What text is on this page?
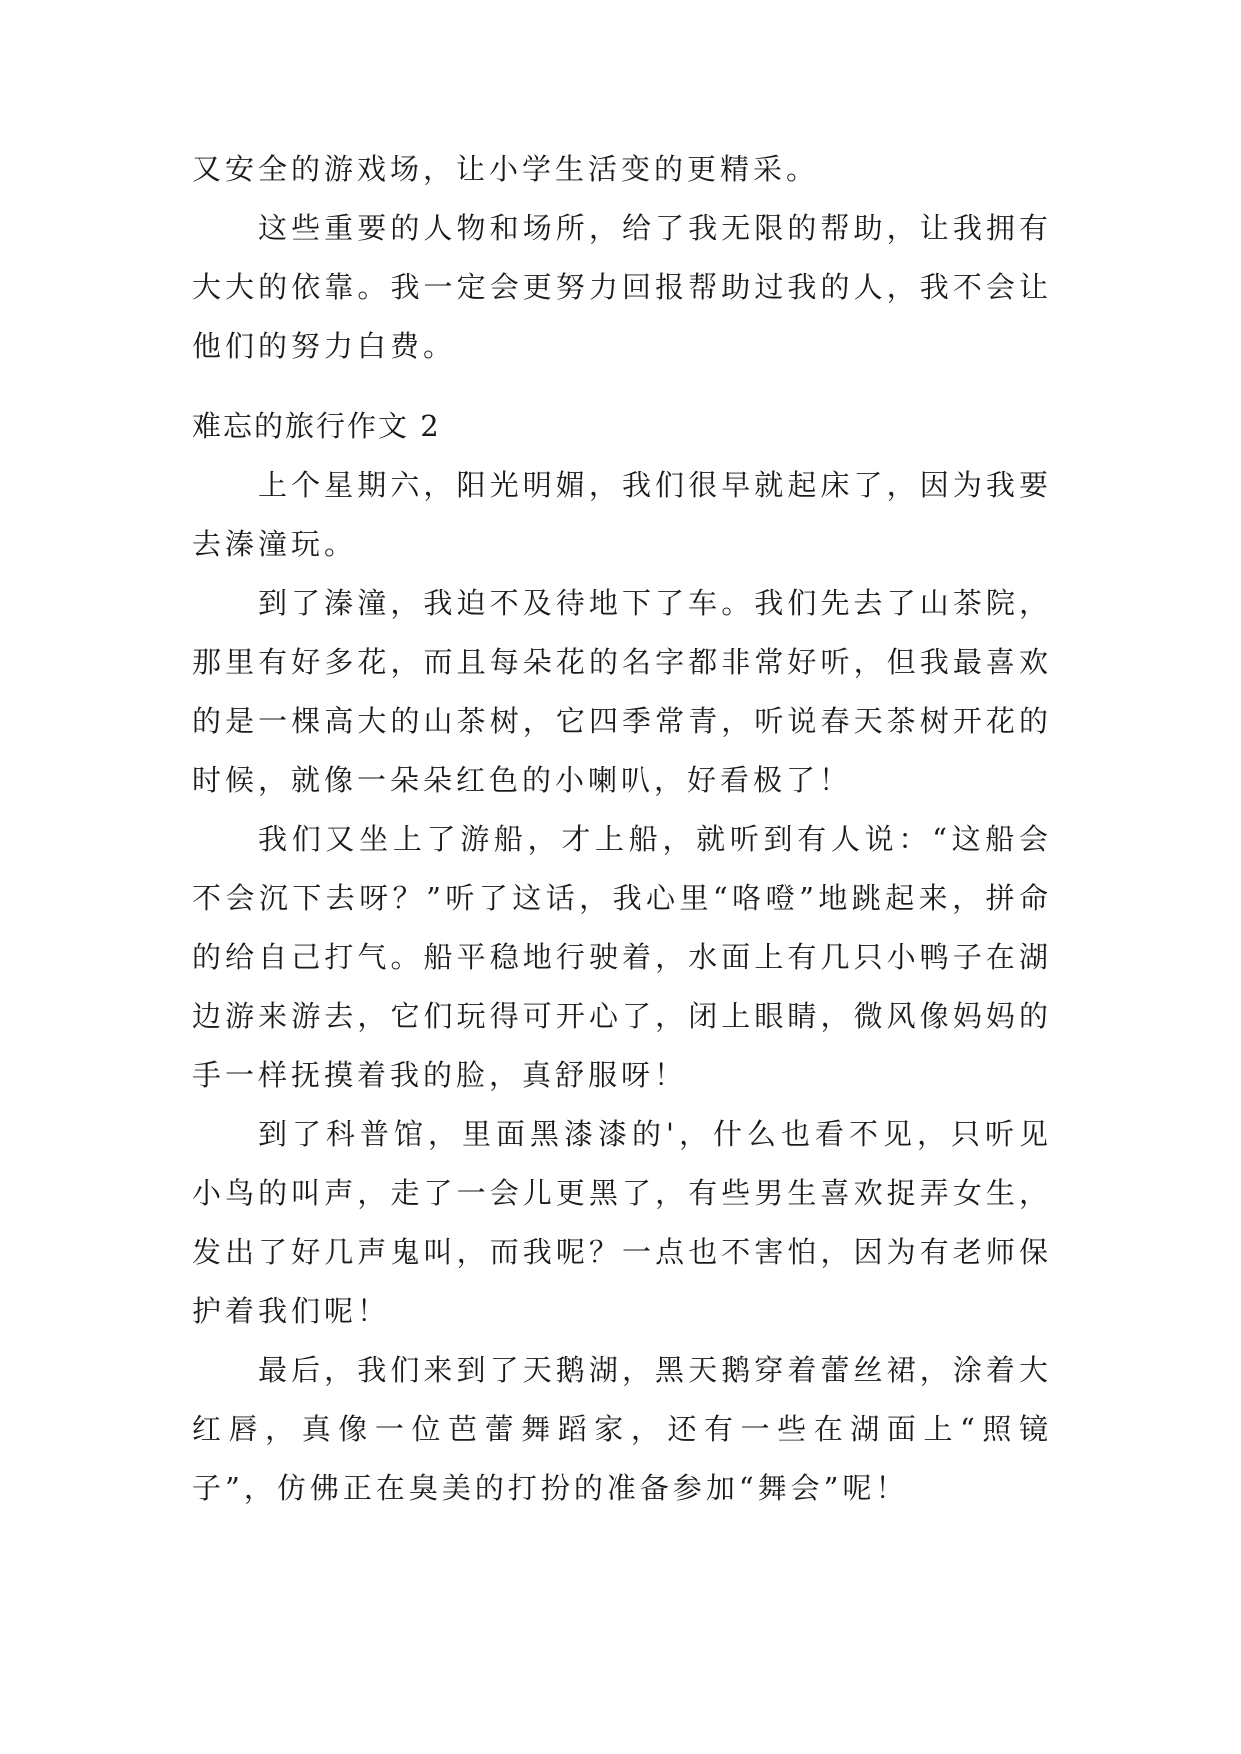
又安全的游戏场，让小学生活变的更精采。

这些重要的人物和场所，给了我无限的帮助，让我拥有大大的依靠。我一定会更努力回报帮助过我的人，我不会让他们的努力白费。

难忘的旅行作文 2

上个星期六，阳光明媚，我们很早就起床了，因为我要去溱潼玩。

到了溱潼，我迫不及待地下了车。我们先去了山茶院，那里有好多花，而且每朵花的名字都非常好听，但我最喜欢的是一棵高大的山茶树，它四季常青，听说春天茶树开花的时候，就像一朵朵红色的小喇叭，好看极了！

我们又坐上了游船，才上船，就听到有人说：“这船会不会沉下去呀？”听了这话，我心里“咯噔”地跳起来，拼命的给自己打气。船平稳地行驶着，水面上有几只小鸭子在湖边游来游去，它们玩得可开心了，闭上眼睛，微风像妈妈的手一样抚摸着我的脸，真舒服呀！

到了科普馆，里面黑漆漆的'，什么也看不见，只听见小鸟的叫声，走了一会儿更黑了，有些男生喜欢捉弄女生，发出了好几声鬼叫，而我呢？一点也不害怕，因为有老师保护着我们呢！

最后，我们来到了天鹅湖，黑天鹅穿着蕾丝裙，涂着大红唇，真像一位芭蕾舞蹈家，还有一些在湖面上“照镜子”，仿佛正在臭美的打扮的准备参加“舞会”呢！
